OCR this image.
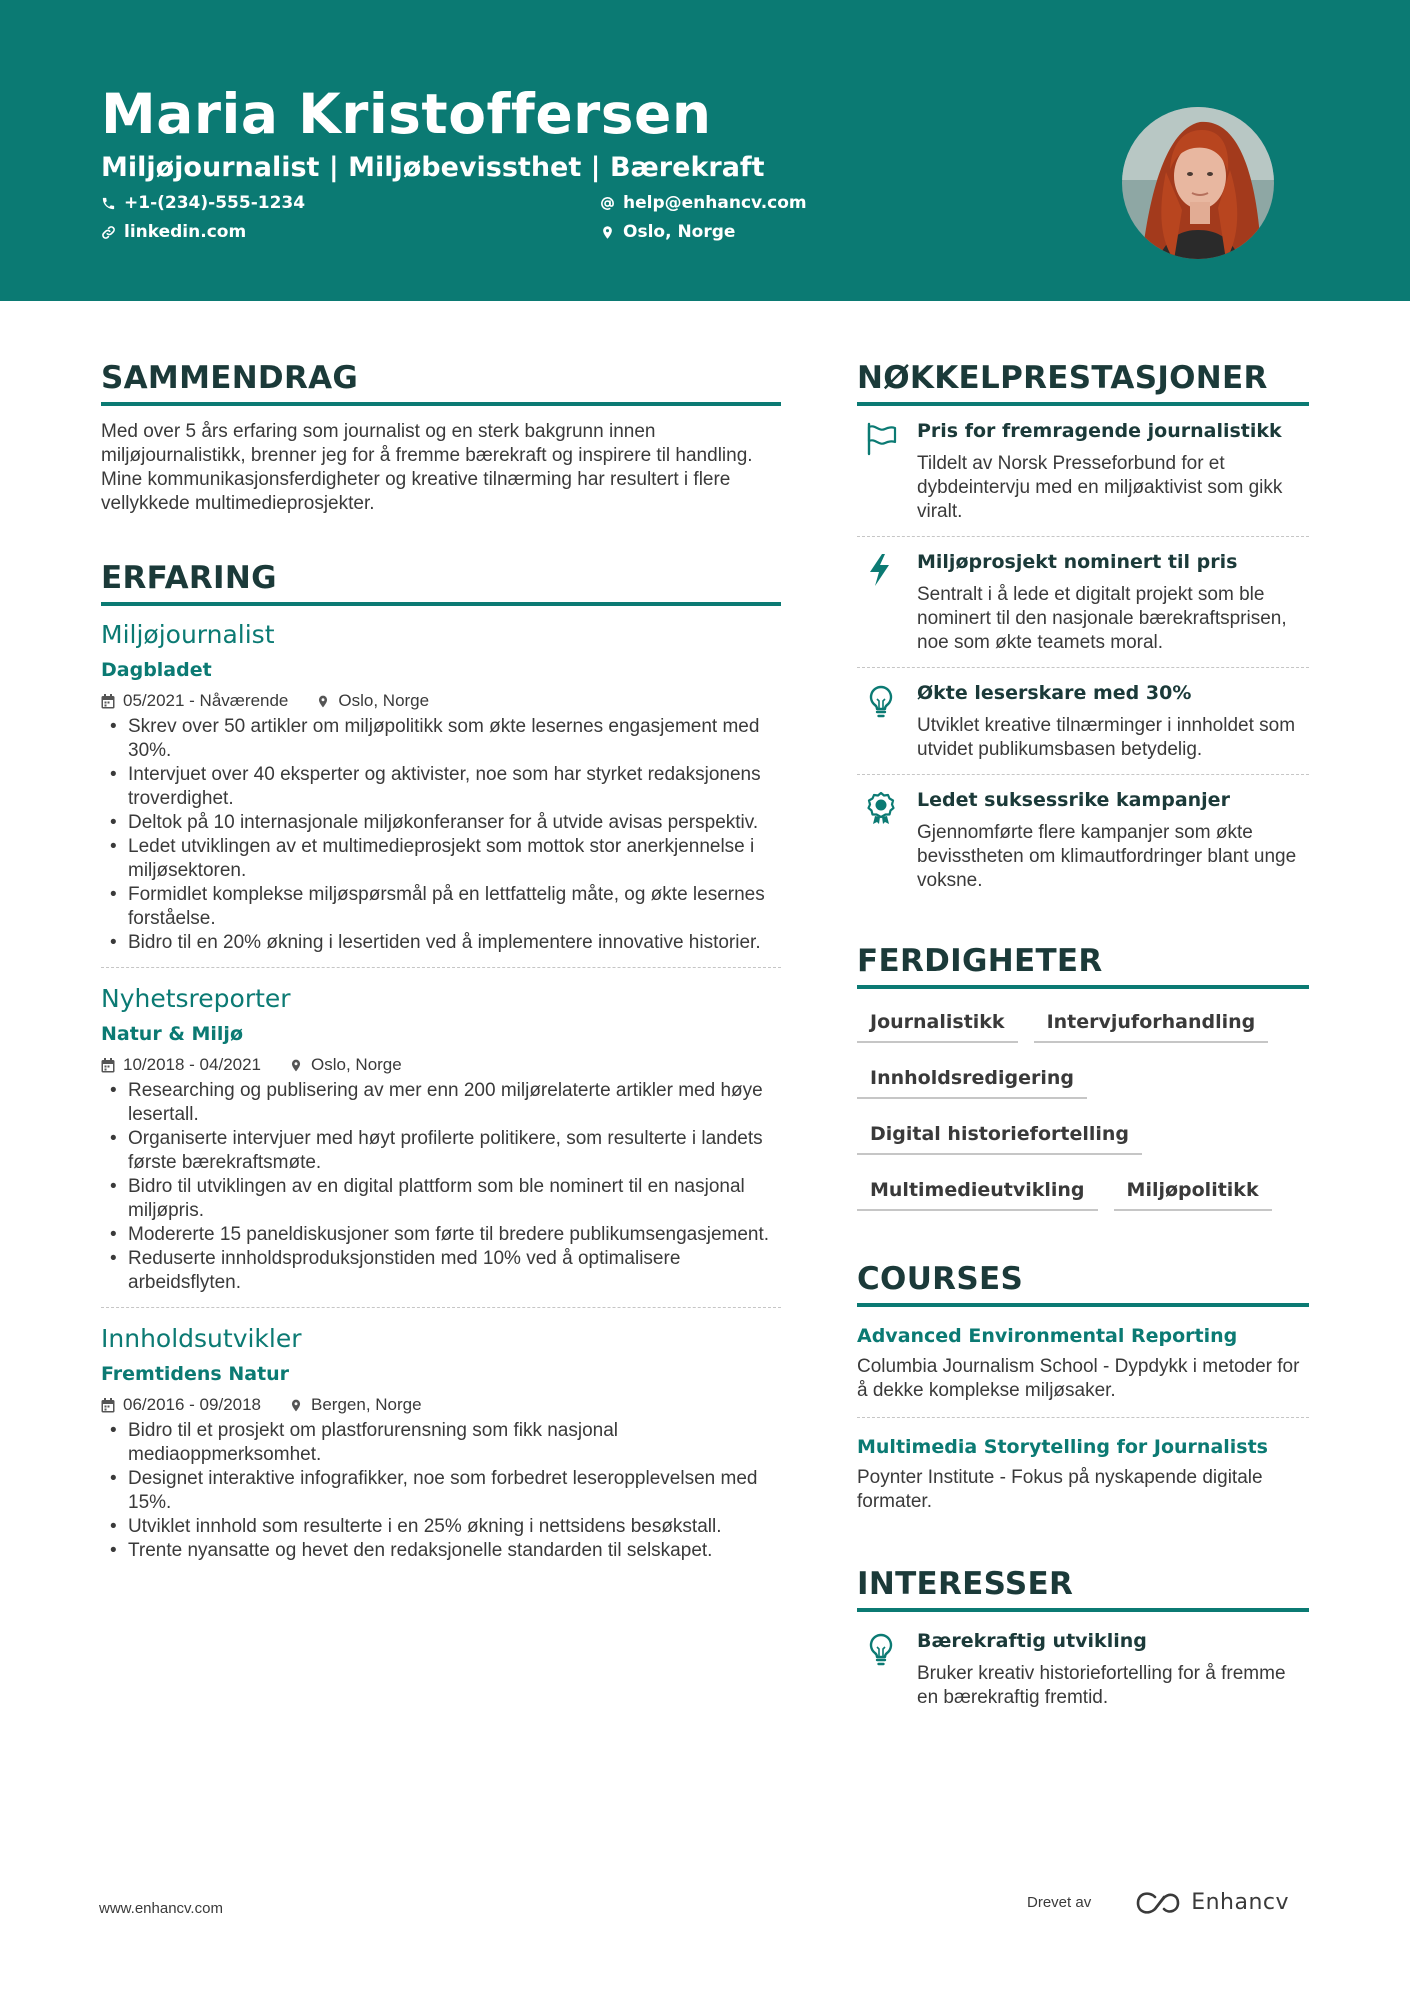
Maria Kristoffersen
Miljøjournalist | Miljøbevissthet | Bærekraft
+1-(234)-555-1234	help@enhancv.com
linkedin.com	Oslo, Norge
SAMMENDRAG
Med over 5 års erfaring som journalist og en sterk bakgrunn innen miljøjournalistikk, brenner jeg for å fremme bærekraft og inspirere til handling. Mine kommunikasjonsferdigheter og kreative tilnærming har resultert i flere vellykkede multimedieprosjekter.
ERFARING
Miljøjournalist
Dagbladet
05/2021 - Nåværende	Oslo, Norge
• Skrev over 50 artikler om miljøpolitikk som økte lesernes engasjement med 30%.
• Intervjuet over 40 eksperter og aktivister, noe som har styrket redaksjonens troverdighet.
• Deltok på 10 internasjonale miljøkonferanser for å utvide avisas perspektiv.
• Ledet utviklingen av et multimedieprosjekt som mottok stor anerkjennelse i miljøsektoren.
• Formidlet komplekse miljøspørsmål på en lettfattelig måte, og økte lesernes forståelse.
• Bidro til en 20% økning i lesertiden ved å implementere innovative historier.
Nyhetsreporter
Natur & Miljø
10/2018 - 04/2021	Oslo, Norge
• Researching og publisering av mer enn 200 miljørelaterte artikler med høye lesertall.
• Organiserte intervjuer med høyt profilerte politikere, som resulterte i landets første bærekraftsmøte.
• Bidro til utviklingen av en digital plattform som ble nominert til en nasjonal miljøpris.
• Modererte 15 paneldiskusjoner som førte til bredere publikumsengasjement.
• Reduserte innholdsproduksjonstiden med 10% ved å optimalisere arbeidsflyten.
Innholdsutvikler
Fremtidens Natur
06/2016 - 09/2018	Bergen, Norge
• Bidro til et prosjekt om plastforurensning som fikk nasjonal mediaoppmerksomhet.
• Designet interaktive infografikker, noe som forbedret leseropplevelsen med 15%.
• Utviklet innhold som resulterte i en 25% økning i nettsidens besøkstall.
• Trente nyansatte og hevet den redaksjonelle standarden til selskapet.
NØKKELPRESTASJONER
Pris for fremragende journalistikk
Tildelt av Norsk Presseforbund for et dybdeintervju med en miljøaktivist som gikk viralt.
Miljøprosjekt nominert til pris
Sentralt i å lede et digitalt projekt som ble nominert til den nasjonale bærekraftsprisen, noe som økte teamets moral.
Økte leserskare med 30%
Utviklet kreative tilnærminger i innholdet som utvidet publikumsbasen betydelig.
Ledet suksessrike kampanjer
Gjennomførte flere kampanjer som økte bevisstheten om klimautfordringer blant unge voksne.
FERDIGHETER
Journalistikk	Intervjuforhandling
Innholdsredigering
Digital historiefortelling
Multimedieutvikling	Miljøpolitikk
COURSES
Advanced Environmental Reporting
Columbia Journalism School - Dypdykk i metoder for å dekke komplekse miljøsaker.
Multimedia Storytelling for Journalists
Poynter Institute - Fokus på nyskapende digitale formater.
INTERESSER
Bærekraftig utvikling
Bruker kreativ historiefortelling for å fremme en bærekraftig fremtid.
www.enhancv.com	Drevet av	Enhancv
